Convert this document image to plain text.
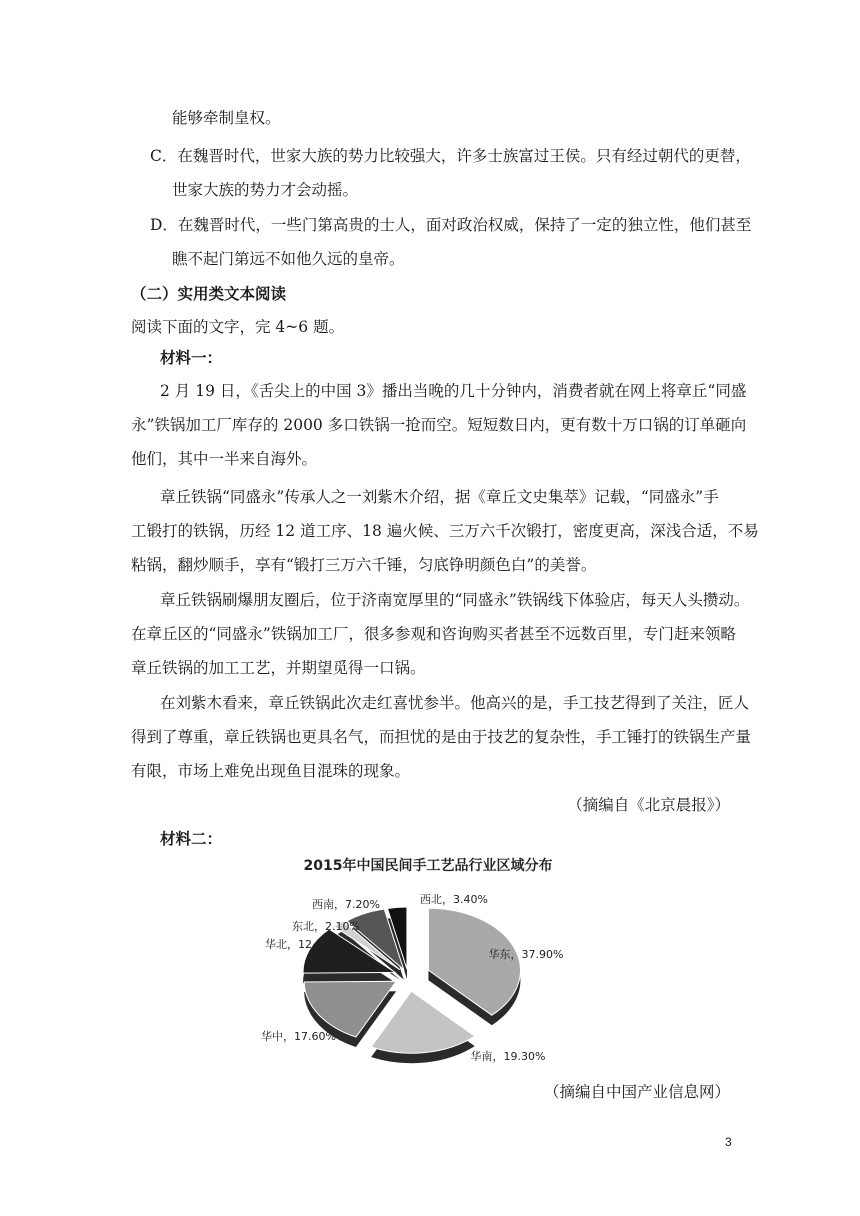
能够牵制皇权。
C．在魏晋时代，世家大族的势力比较强大，许多士族富过王侯。只有经过朝代的更替，
世家大族的势力才会动摇。
D．在魏晋时代，一些门第高贵的士人，面对政治权威，保持了一定的独立性，他们甚至
瞧不起门第远不如他久远的皇帝。
（二）实用类文本阅读
阅读下面的文字，完 4~6 题。
材料一：
2 月 19 日，《舌尖上的中国 3》播出当晚的几十分钟内，消费者就在网上将章丘“同盛
永”铁锅加工厂库存的 2000 多口铁锅一抢而空。短短数日内，更有数十万口锅的订单砸向
他们，其中一半来自海外。
章丘铁锅“同盛永”传承人之一刘紫木介绍，据《章丘文史集萃》记载，“同盛永”手
工锻打的铁锅，历经 12 道工序、18 遍火候、三万六千次锻打，密度更高，深浅合适，不易
粘锅，翻炒顺手，享有“锻打三万六千锤，匀底铮明颜色白”的美誉。
章丘铁锅刷爆朋友圈后，位于济南宽厚里的“同盛永”铁锅线下体验店，每天人头攒动。
在章丘区的“同盛永”铁锅加工厂，很多参观和咨询购买者甚至不远数百里，专门赶来领略
章丘铁锅的加工工艺，并期望觅得一口锅。
在刘紫木看来，章丘铁锅此次走红喜忧参半。他高兴的是，手工技艺得到了关注，匠人
得到了尊重，章丘铁锅也更具名气，而担忧的是由于技艺的复杂性，手工锤打的铁锅生产量
有限，市场上难免出现鱼目混珠的现象。
（摘编自《北京晨报》）
材料二：
2015年中国民间手工艺品行业区域分布
华东，37.90%
华南，19.30%
华中，17.60%
华北，12.50%
东北，2.10%
西南，7.20%	西北，3.40%
（摘编自中国产业信息网）
3
